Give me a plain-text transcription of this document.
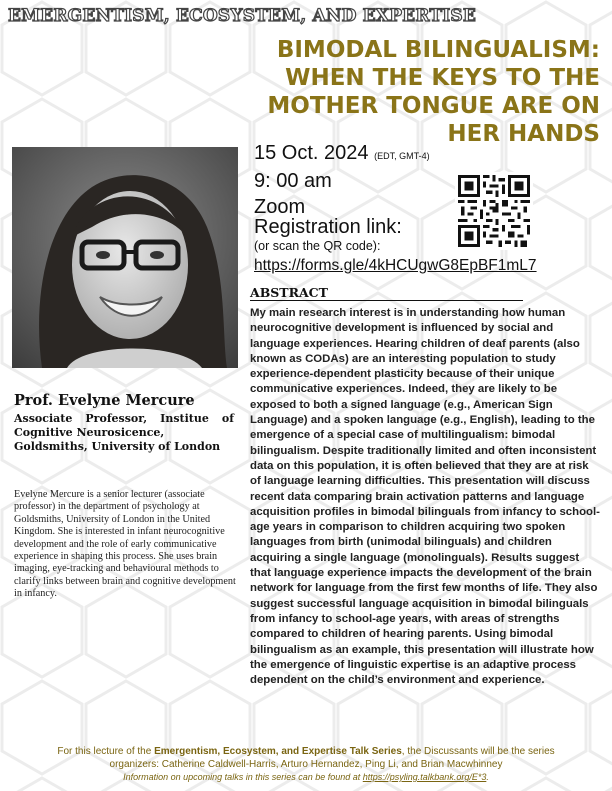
EMERGENTISM, ECOSYSTEM, AND EXPERTISE
BIMODAL BILINGUALISM:
WHEN THE KEYS TO THE
MOTHER TONGUE ARE ON
HER HANDS
15 Oct. 2024 (EDT, GMT-4)
9: 00 am
Zoom
Registration link:
(or scan the QR code):
https://forms.gle/4kHCUgwG8EpBF1mL7
ABSTRACT

My main research interest is in understanding how human neurocognitive development is influenced by social and language experiences. Hearing children of deaf parents (also known as CODAs) are an interesting population to study experience-dependent plasticity because of their unique communicative experiences. Indeed, they are likely to be exposed to both a signed language (e.g., American Sign Language) and a spoken language (e.g., English), leading to the emergence of a special case of multilingualism: bimodal bilingualism. Despite traditionally limited and often inconsistent data on this population, it is often believed that they are at risk of language learning difficulties. This presentation will discuss recent data comparing brain activation patterns and language acquisition profiles in bimodal bilinguals from infancy to school-age years in comparison to children acquiring two spoken languages from birth (unimodal bilinguals) and children acquiring a single language (monolinguals). Results suggest that language experience impacts the development of the brain network for language from the first few months of life. They also suggest successful language acquisition in bimodal bilinguals from infancy to school-age years, with areas of strengths compared to children of hearing parents. Using bimodal bilingualism as an example, this presentation will illustrate how the emergence of linguistic expertise is an adaptive process dependent on the child’s environment and experience.

Prof. Evelyne Mercure
Associate Professor, Institue of
Cognitive Neurosicence,
Goldsmiths, University of London

Evelyne Mercure is a senior lecturer (associate professor) in the department of psychology at Goldsmiths, University of London in the United Kingdom. She is interested in infant neurocognitive development and the role of early communicative experience in shaping this process. She uses brain imaging, eye-tracking and behavioural methods to clarify links between brain and cognitive development in infancy.

For this lecture of the Emergentism, Ecosystem, and Expertise Talk Series, the Discussants will be the series
organizers: Catherine Caldwell-Harris, Arturo Hernandez, Ping Li, and Brian Macwhinney
Information on upcoming talks in this series can be found at https://psyling.talkbank.org/E*3.
